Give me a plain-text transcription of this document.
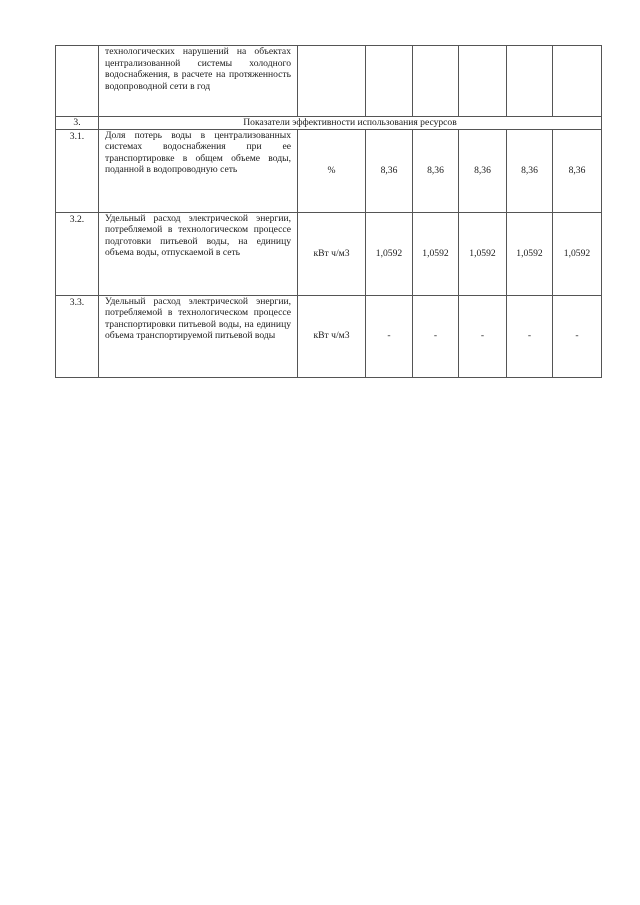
	технологических нарушений на объектах централизованной системы холодного водоснабжения, в расчете на протяженность водопроводной сети в год						
3.	Показатели эффективности использования ресурсов						
3.1.	Доля потерь воды в централизованных системах водоснабжения при ее транспортировке в общем объеме воды, поданной в водопроводную сеть	%	8,36	8,36	8,36	8,36	8,36
3.2.	Удельный расход электрической энергии, потребляемой в технологическом процессе подготовки питьевой воды, на единицу объема воды, отпускаемой в сеть	кВт ч/м3	1,0592	1,0592	1,0592	1,0592	1,0592
3.3.	Удельный расход электрической энергии, потребляемой в технологическом процессе транспортировки питьевой воды, на единицу объема транспортируемой питьевой воды	кВт ч/м3	-	-	-	-	-
